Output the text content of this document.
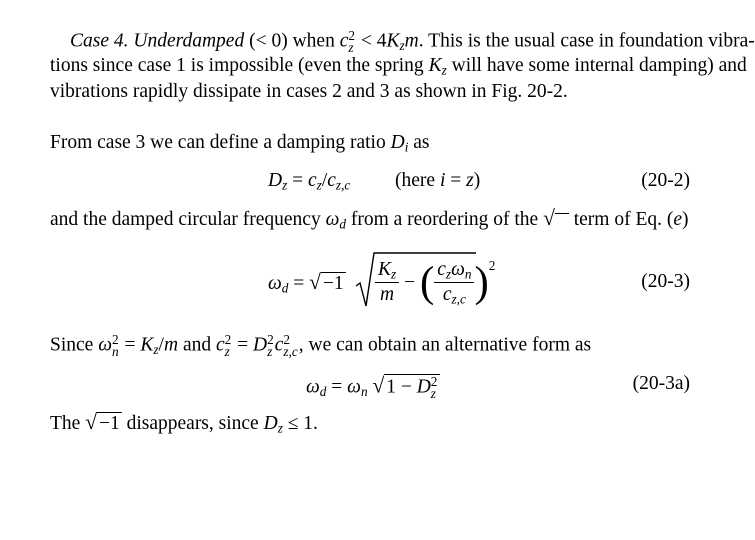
Case 4. Underdamped (< 0) when c 2
$z < 4K_zm$. This is the usual case in foundation vibra-
tions since case 1 is impossible (even the spring $K_z$ will have some internal damping) and
vibrations rapidly dissipate in cases 2 and 3 as shown in Fig. 20-2.
From case 3 we can define a damping ratio $D_i$ as
$D_z = c_z/c_{z,c}$ (here i = z)	(20-2)
and the damped circular frequency $\omega_d$ from a reordering of the √ term of Eq. (e)
$\omega_d$ = √ $-1 \frac{K_z}{m}$ − ( $\frac{c_z\omega_n}{c_{z,c}} )^2$
(20-3)
Since ω 2
$n = K_z/m$ and c 2
z = D 2
z c 2
z,c , we can obtain an alternative form as
$\omega_d = \omega_n$ √ 1 − D 2
z	(20-3a)
The √ −1 disappears, since $D_z \le 1$.
